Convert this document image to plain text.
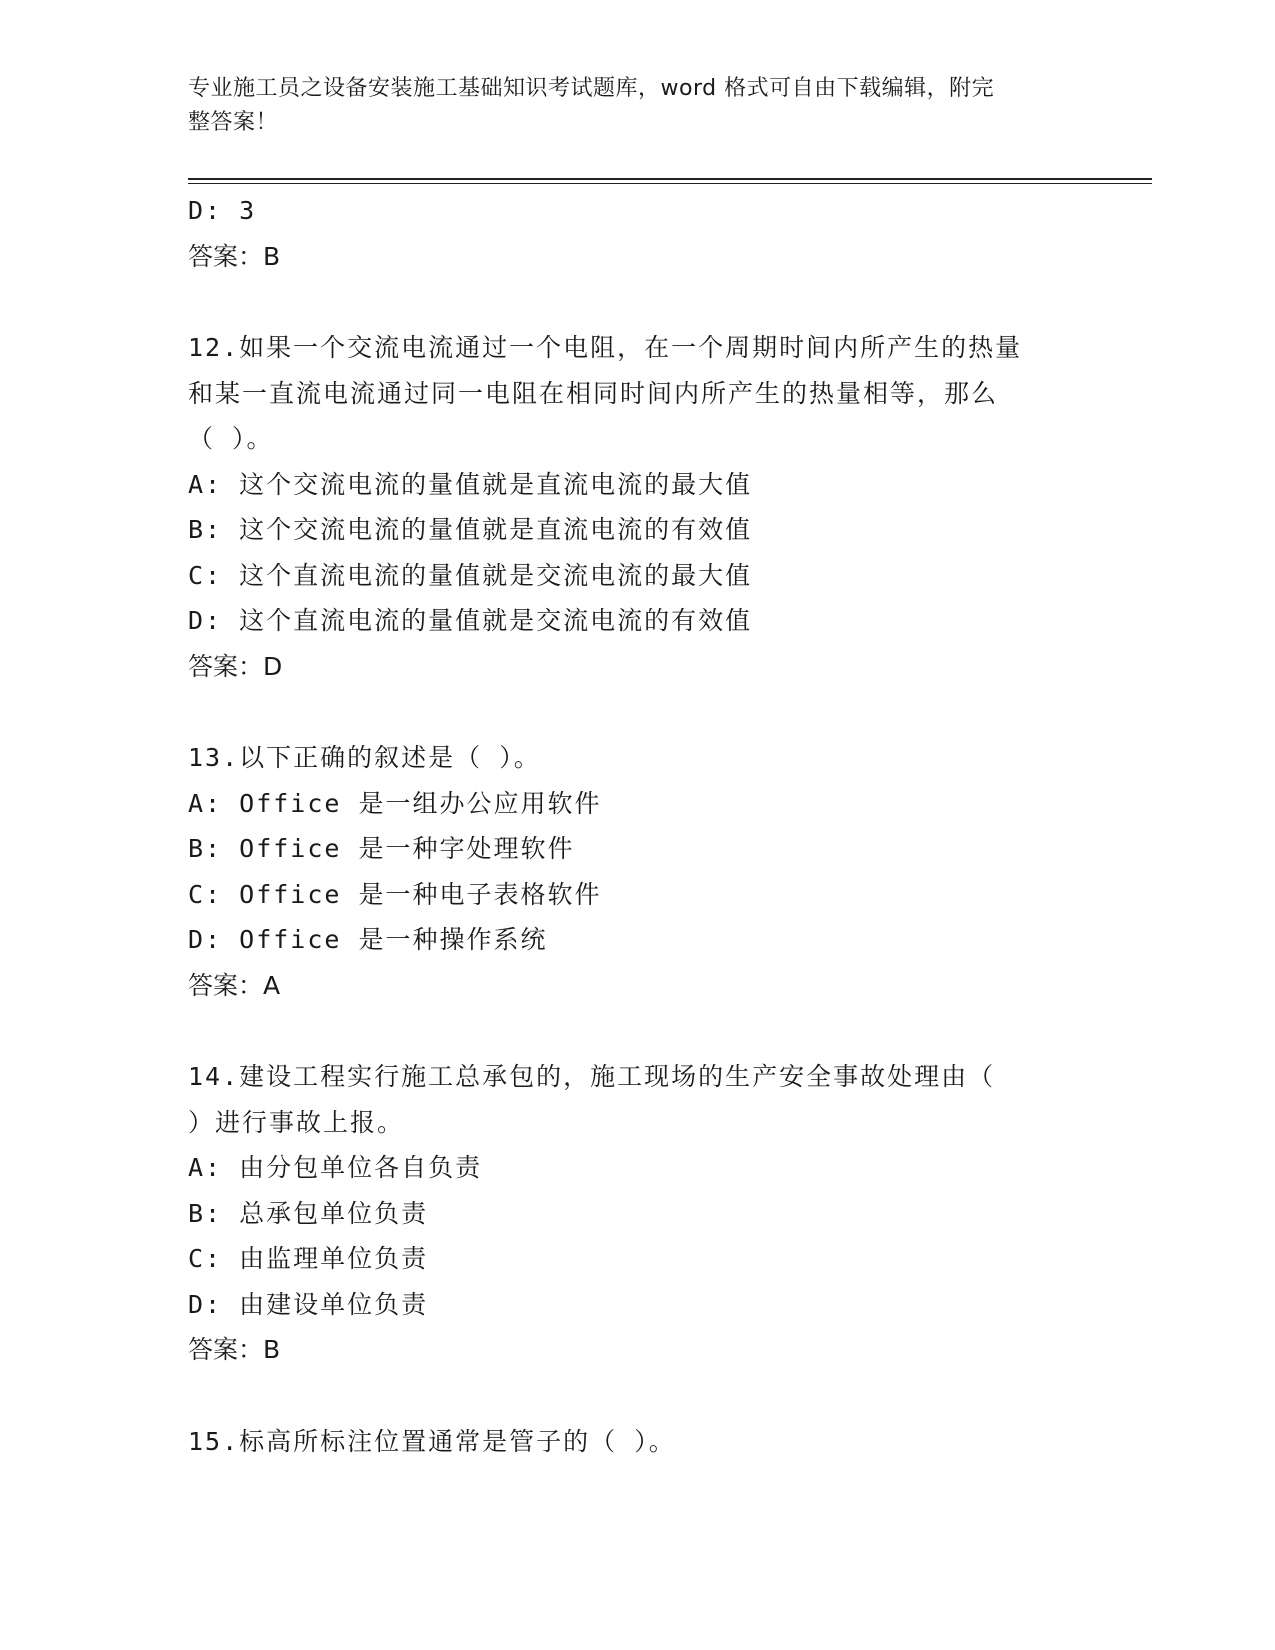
专业施工员之设备安装施工基础知识考试题库，word 格式可自由下载编辑，附完
整答案！
D: 3
答案：B
12.如果一个交流电流通过一个电阻，在一个周期时间内所产生的热量
和某一直流电流通过同一电阻在相同时间内所产生的热量相等，那么
（ ）。
A: 这个交流电流的量值就是直流电流的最大值
B: 这个交流电流的量值就是直流电流的有效值
C: 这个直流电流的量值就是交流电流的最大值
D: 这个直流电流的量值就是交流电流的有效值
答案：D
13.以下正确的叙述是（ ）。
A: Office 是一组办公应用软件
B: Office 是一种字处理软件
C: Office 是一种电子表格软件
D: Office 是一种操作系统
答案：A
14.建设工程实行施工总承包的，施工现场的生产安全事故处理由（
）进行事故上报。
A: 由分包单位各自负责
B: 总承包单位负责
C: 由监理单位负责
D: 由建设单位负责
答案：B
15.标高所标注位置通常是管子的（ ）。
